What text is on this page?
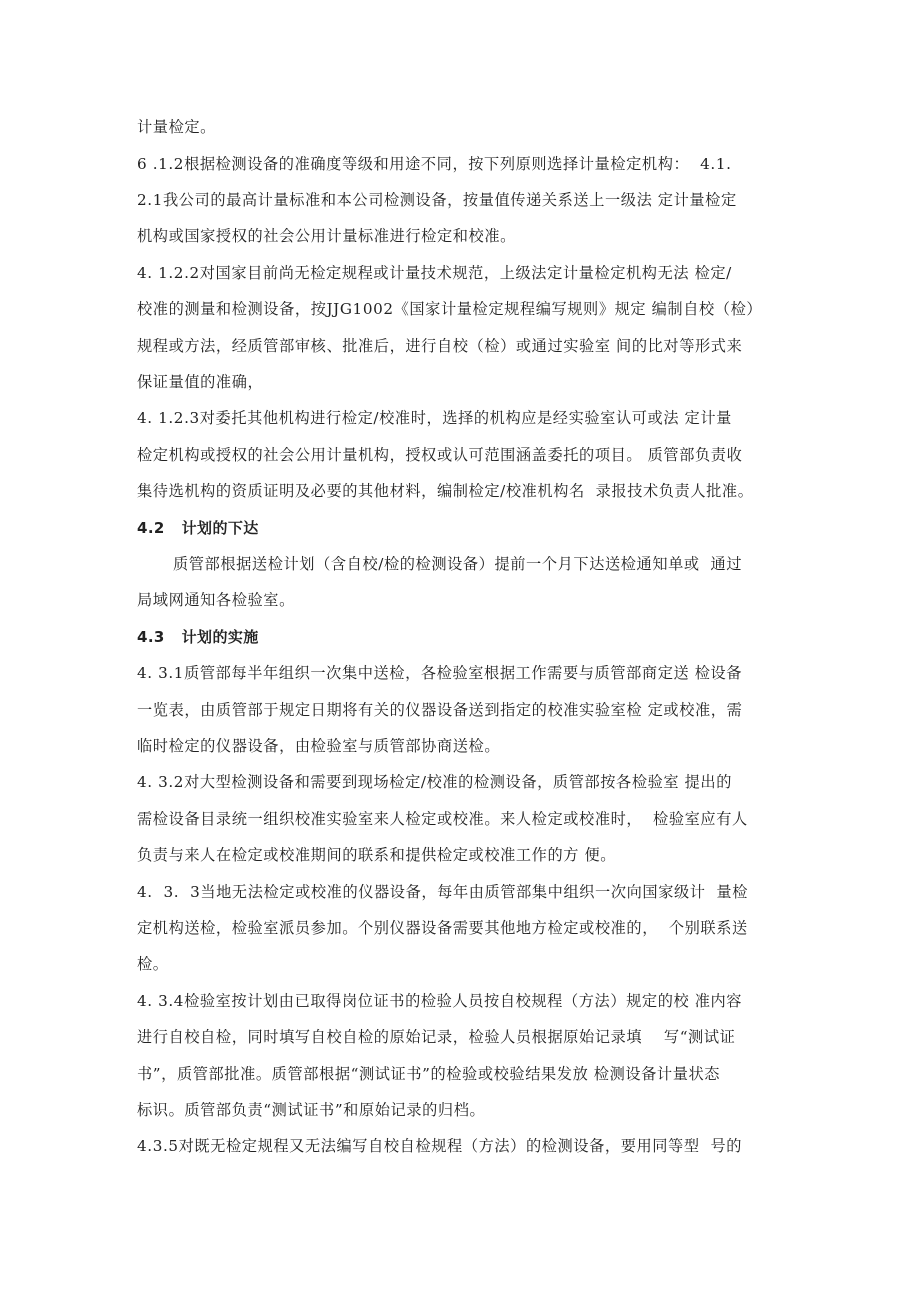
计量检定。
6 .1.2根据检测设备的准确度等级和用途不同，按下列原则选择计量检定机构：  4.1.
2.1我公司的最高计量标准和本公司检测设备，按量值传递关系送上一级法 定计量检定
机构或国家授权的社会公用计量标准进行检定和校准。
4. 1.2.2对国家目前尚无检定规程或计量技术规范，上级法定计量检定机构无法 检定/
校准的测量和检测设备，按JJG1002《国家计量检定规程编写规则》规定 编制自校（检）
规程或方法，经质管部审核、批准后，进行自校（检）或通过实验室 间的比对等形式来
保证量值的准确，
4. 1.2.3对委托其他机构进行检定/校准时，选择的机构应是经实验室认可或法 定计量
检定机构或授权的社会公用计量机构，授权或认可范围涵盖委托的项目。 质管部负责收
集待选机构的资质证明及必要的其他材料，编制检定/校准机构名  录报技术负责人批准。
4.2   计划的下达
质管部根据送检计划（含自校/检的检测设备）提前一个月下达送检通知单或  通过
局域网通知各检验室。
4.3   计划的实施
4. 3.1质管部每半年组织一次集中送检，各检验室根据工作需要与质管部商定送 检设备
一览表，由质管部于规定日期将有关的仪器设备送到指定的校准实验室检 定或校准，需
临时检定的仪器设备，由检验室与质管部协商送检。
4. 3.2对大型检测设备和需要到现场检定/校准的检测设备，质管部按各检验室 提出的
需检设备目录统一组织校准实验室来人检定或校准。来人检定或校准时，  检验室应有人
负责与来人在检定或校准期间的联系和提供检定或校准工作的方 便。
4.  3.  3当地无法检定或校准的仪器设备，每年由质管部集中组织一次向国家级计  量检
定机构送检，检验室派员参加。个别仪器设备需要其他地方检定或校准的，  个别联系送
检。
4. 3.4检验室按计划由已取得岗位证书的检验人员按自校规程（方法）规定的校 准内容
进行自校自检，同时填写自校自检的原始记录，检验人员根据原始记录填    写“测试证
书”，质管部批准。质管部根据“测试证书”的检验或校验结果发放 检测设备计量状态
标识。质管部负责“测试证书”和原始记录的归档。
4.3.5对既无检定规程又无法编写自校自检规程（方法）的检测设备，要用同等型  号的
